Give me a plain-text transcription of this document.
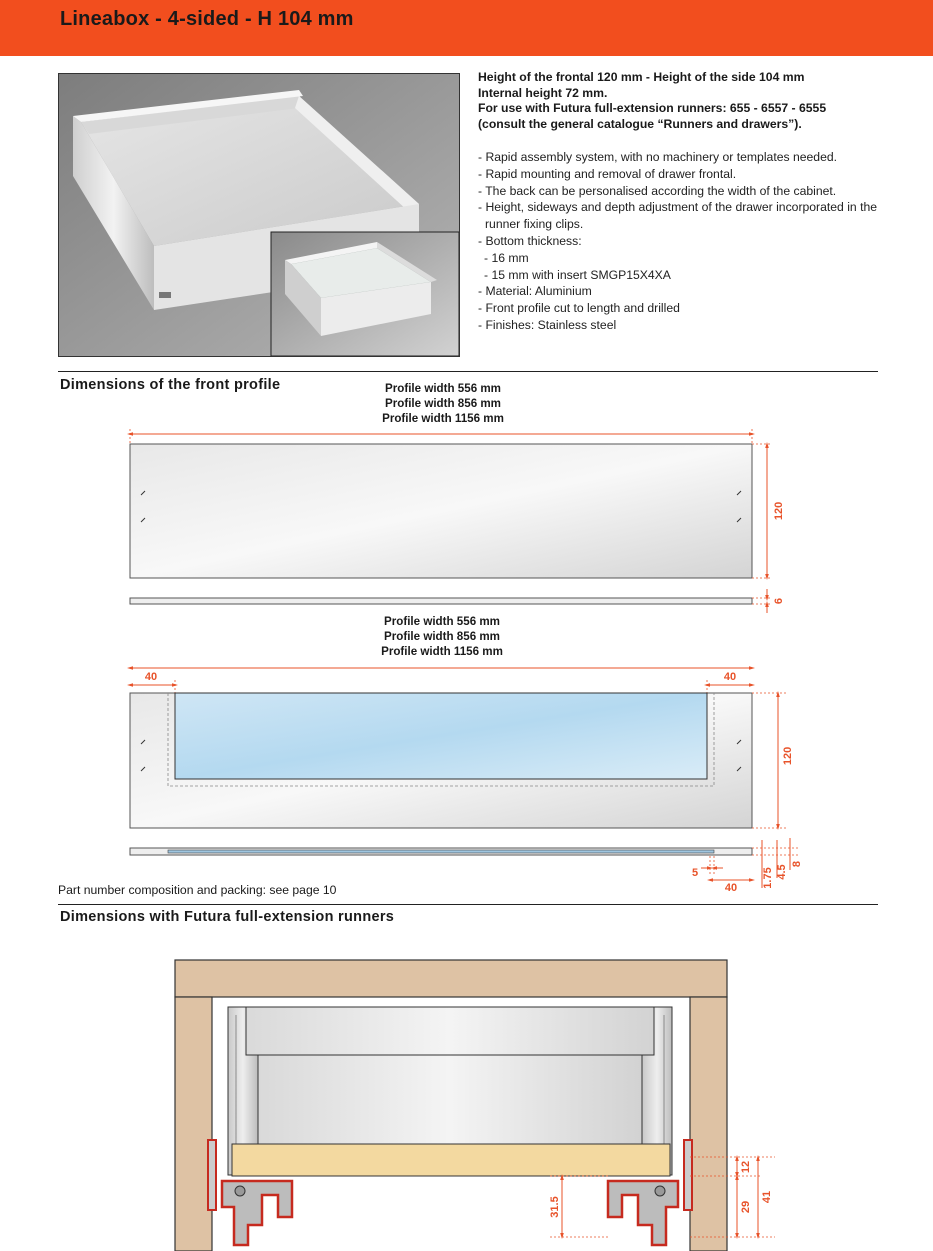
Lineabox - 4-sided - H 104 mm

Height of the frontal 120 mm - Height of the side 104 mm

Internal height 72 mm.

For use with Futura full-extension runners: 655 - 6557 - 6555

(consult the general catalogue “Runners and drawers”).

- Rapid assembly system, with no machinery or templates needed.
- Rapid mounting and removal of drawer frontal.
- The back can be personalised according the width of the cabinet.
- Height, sideways and depth adjustment of the drawer incorporated in the runner fixing clips.
- Bottom thickness:
- 16 mm
- 15 mm with insert SMGP15X4XA
- Material: Aluminium
- Front profile cut to length and drilled
- Finishes: Stainless steel
Dimensions of the front profile	Profile width 556 mm
Profile width 856 mm
Profile width 1156 mm
120
6
Profile width 556 mm
Profile width 856 mm
Profile width 1156 mm
40	40
120
5
40 1.75 4.5
8
Part number composition and packing: see page 10
Dimensions with Futura full-extension runners
31.5
12
29
41
